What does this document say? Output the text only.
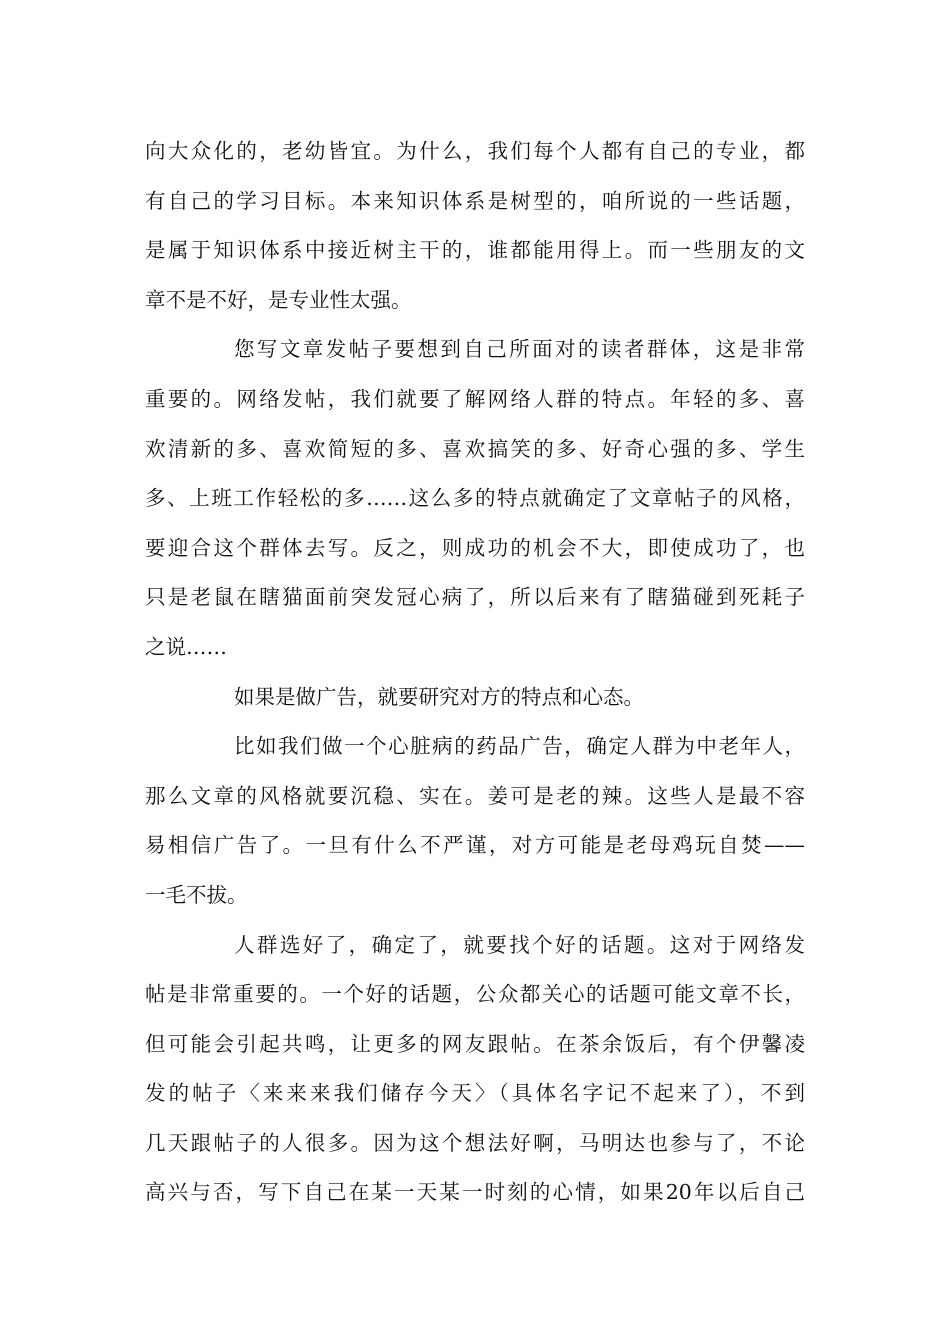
向大众化的，老幼皆宜。为什么，我们每个人都有自己的专业，都
有自己的学习目标。本来知识体系是树型的，咱所说的一些话题，
是属于知识体系中接近树主干的，谁都能用得上。而一些朋友的文
章不是不好，是专业性太强。
您写文章发帖子要想到自己所面对的读者群体，这是非常
重要的。网络发帖，我们就要了解网络人群的特点。年轻的多、喜
欢清新的多、喜欢简短的多、喜欢搞笑的多、好奇心强的多、学生
多、上班工作轻松的多……这么多的特点就确定了文章帖子的风格，
要迎合这个群体去写。反之，则成功的机会不大，即使成功了，也
只是老鼠在瞎猫面前突发冠心病了，所以后来有了瞎猫碰到死耗子
之说……
如果是做广告，就要研究对方的特点和心态。
比如我们做一个心脏病的药品广告，确定人群为中老年人，
那么文章的风格就要沉稳、实在。姜可是老的辣。这些人是最不容
易相信广告了。一旦有什么不严谨，对方可能是老母鸡玩自焚——
一毛不拔。
人群选好了，确定了，就要找个好的话题。这对于网络发
帖是非常重要的。一个好的话题，公众都关心的话题可能文章不长，
但可能会引起共鸣，让更多的网友跟帖。在茶余饭后，有个伊馨凌
发的帖子〈来来来我们储存今天〉（具体名字记不起来了），不到
几天跟帖子的人很多。因为这个想法好啊，马明达也参与了，不论
高兴与否，写下自己在某一天某一时刻的心情，如果20年以后自己
